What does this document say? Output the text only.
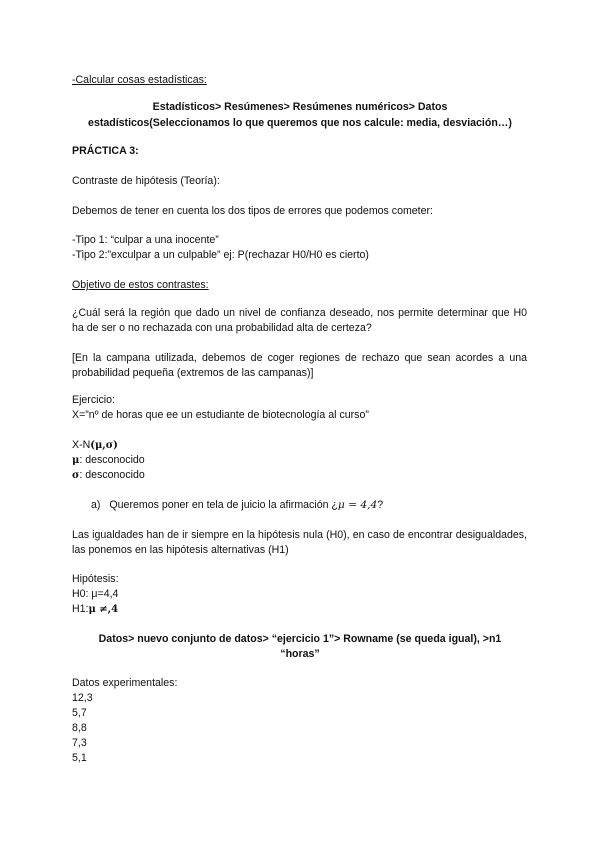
-Calcular cosas estadísticas:
Estadísticos> Resúmenes> Resúmenes numéricos> Datos
estadísticos(Seleccionamos lo que queremos que nos calcule: media, desviación…)
PRÁCTICA 3:
Contraste de hipótesis (Teoría):
Debemos de tener en cuenta los dos tipos de errores que podemos cometer:
-Tipo 1: “culpar a una inocente”
-Tipo 2:”exculpar a un culpable” ej: P(rechazar H0/H0 es cierto)
Objetivo de estos contrastes:
¿Cuál será la región que dado un nivel de confianza deseado, nos permite determinar que H0 ha de ser o no rechazada con una probabilidad alta de certeza?
[En la campana utilizada, debemos de coger regiones de rechazo que sean acordes a una probabilidad pequeña (extremos de las campanas)]
Ejercicio:
X=”nº de horas que ee un estudiante de biotecnología al curso”
X-N(μ,σ)
μ: desconocido
σ: desconocido
a) Queremos poner en tela de juicio la afirmación ¿μ = 4,4?
Las igualdades han de ir siempre en la hipótesis nula (H0), en caso de encontrar desigualdades, las ponemos en las hipótesis alternativas (H1)
Hipótesis:
H0: μ=4,4
H1:μ ≠,4
Datos> nuevo conjunto de datos> “ejercicio 1”> Rowname (se queda igual), >n1
“horas”
Datos experimentales:
12,3
5,7
8,8
7,3
5,1
